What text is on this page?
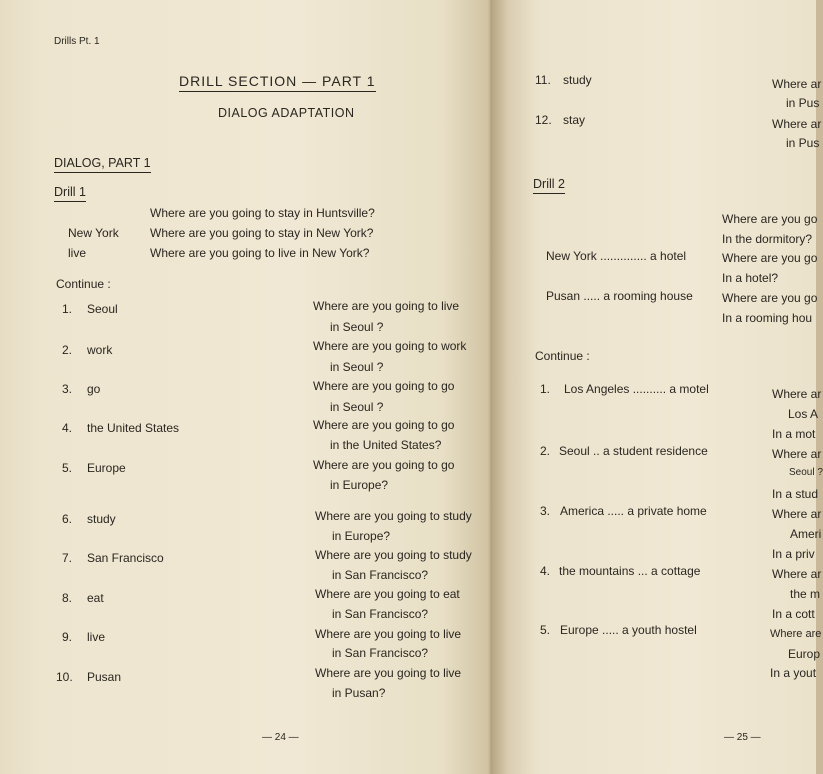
Drills Pt. 1
DRILL SECTION — PART 1
DIALOG ADAPTATION
DIALOG, PART 1
Drill 1
Where are you going to stay in Huntsville?
New York	Where are you going to stay in New York?
live	Where are you going to live in New York?
Continue :
1. Seoul	Where are you going to live
in Seoul ?
2. work	Where are you going to work
in Seoul ?
3. go	Where are you going to go
in Seoul ?
4. the United States	Where are you going to go
in the United States?
5. Europe	Where are you going to go
in Europe?
6. study	Where are you going to study
in Europe?
7. San Francisco	Where are you going to study
in San Francisco?
8. eat	Where are you going to eat
in San Francisco?
9. live	Where are you going to live
in San Francisco?
10. Pusan	Where are you going to live
in Pusan?
— 24 —
11. study	Where ar
in Pus
12. stay	Where ar
in Pus
Drill 2
Where are you go
In the dormitory?
New York .............. a hotel	Where are you go
In a hotel?
Pusan ..... a rooming house Where are you go
In a rooming hou
Continue :
1. Los Angeles .......... a motel	Where ar
Los A
In a mot
2. Seoul .. a student residence	Where ar
Seoul ?
In a stud
3. America ..... a private home	Where ar
Ameri
In a priv
4. the mountains ... a cottage	Where ar
the m
In a cott
5. Europe ..... a youth hostel	Where are
Europ
In a yout
— 25 —
